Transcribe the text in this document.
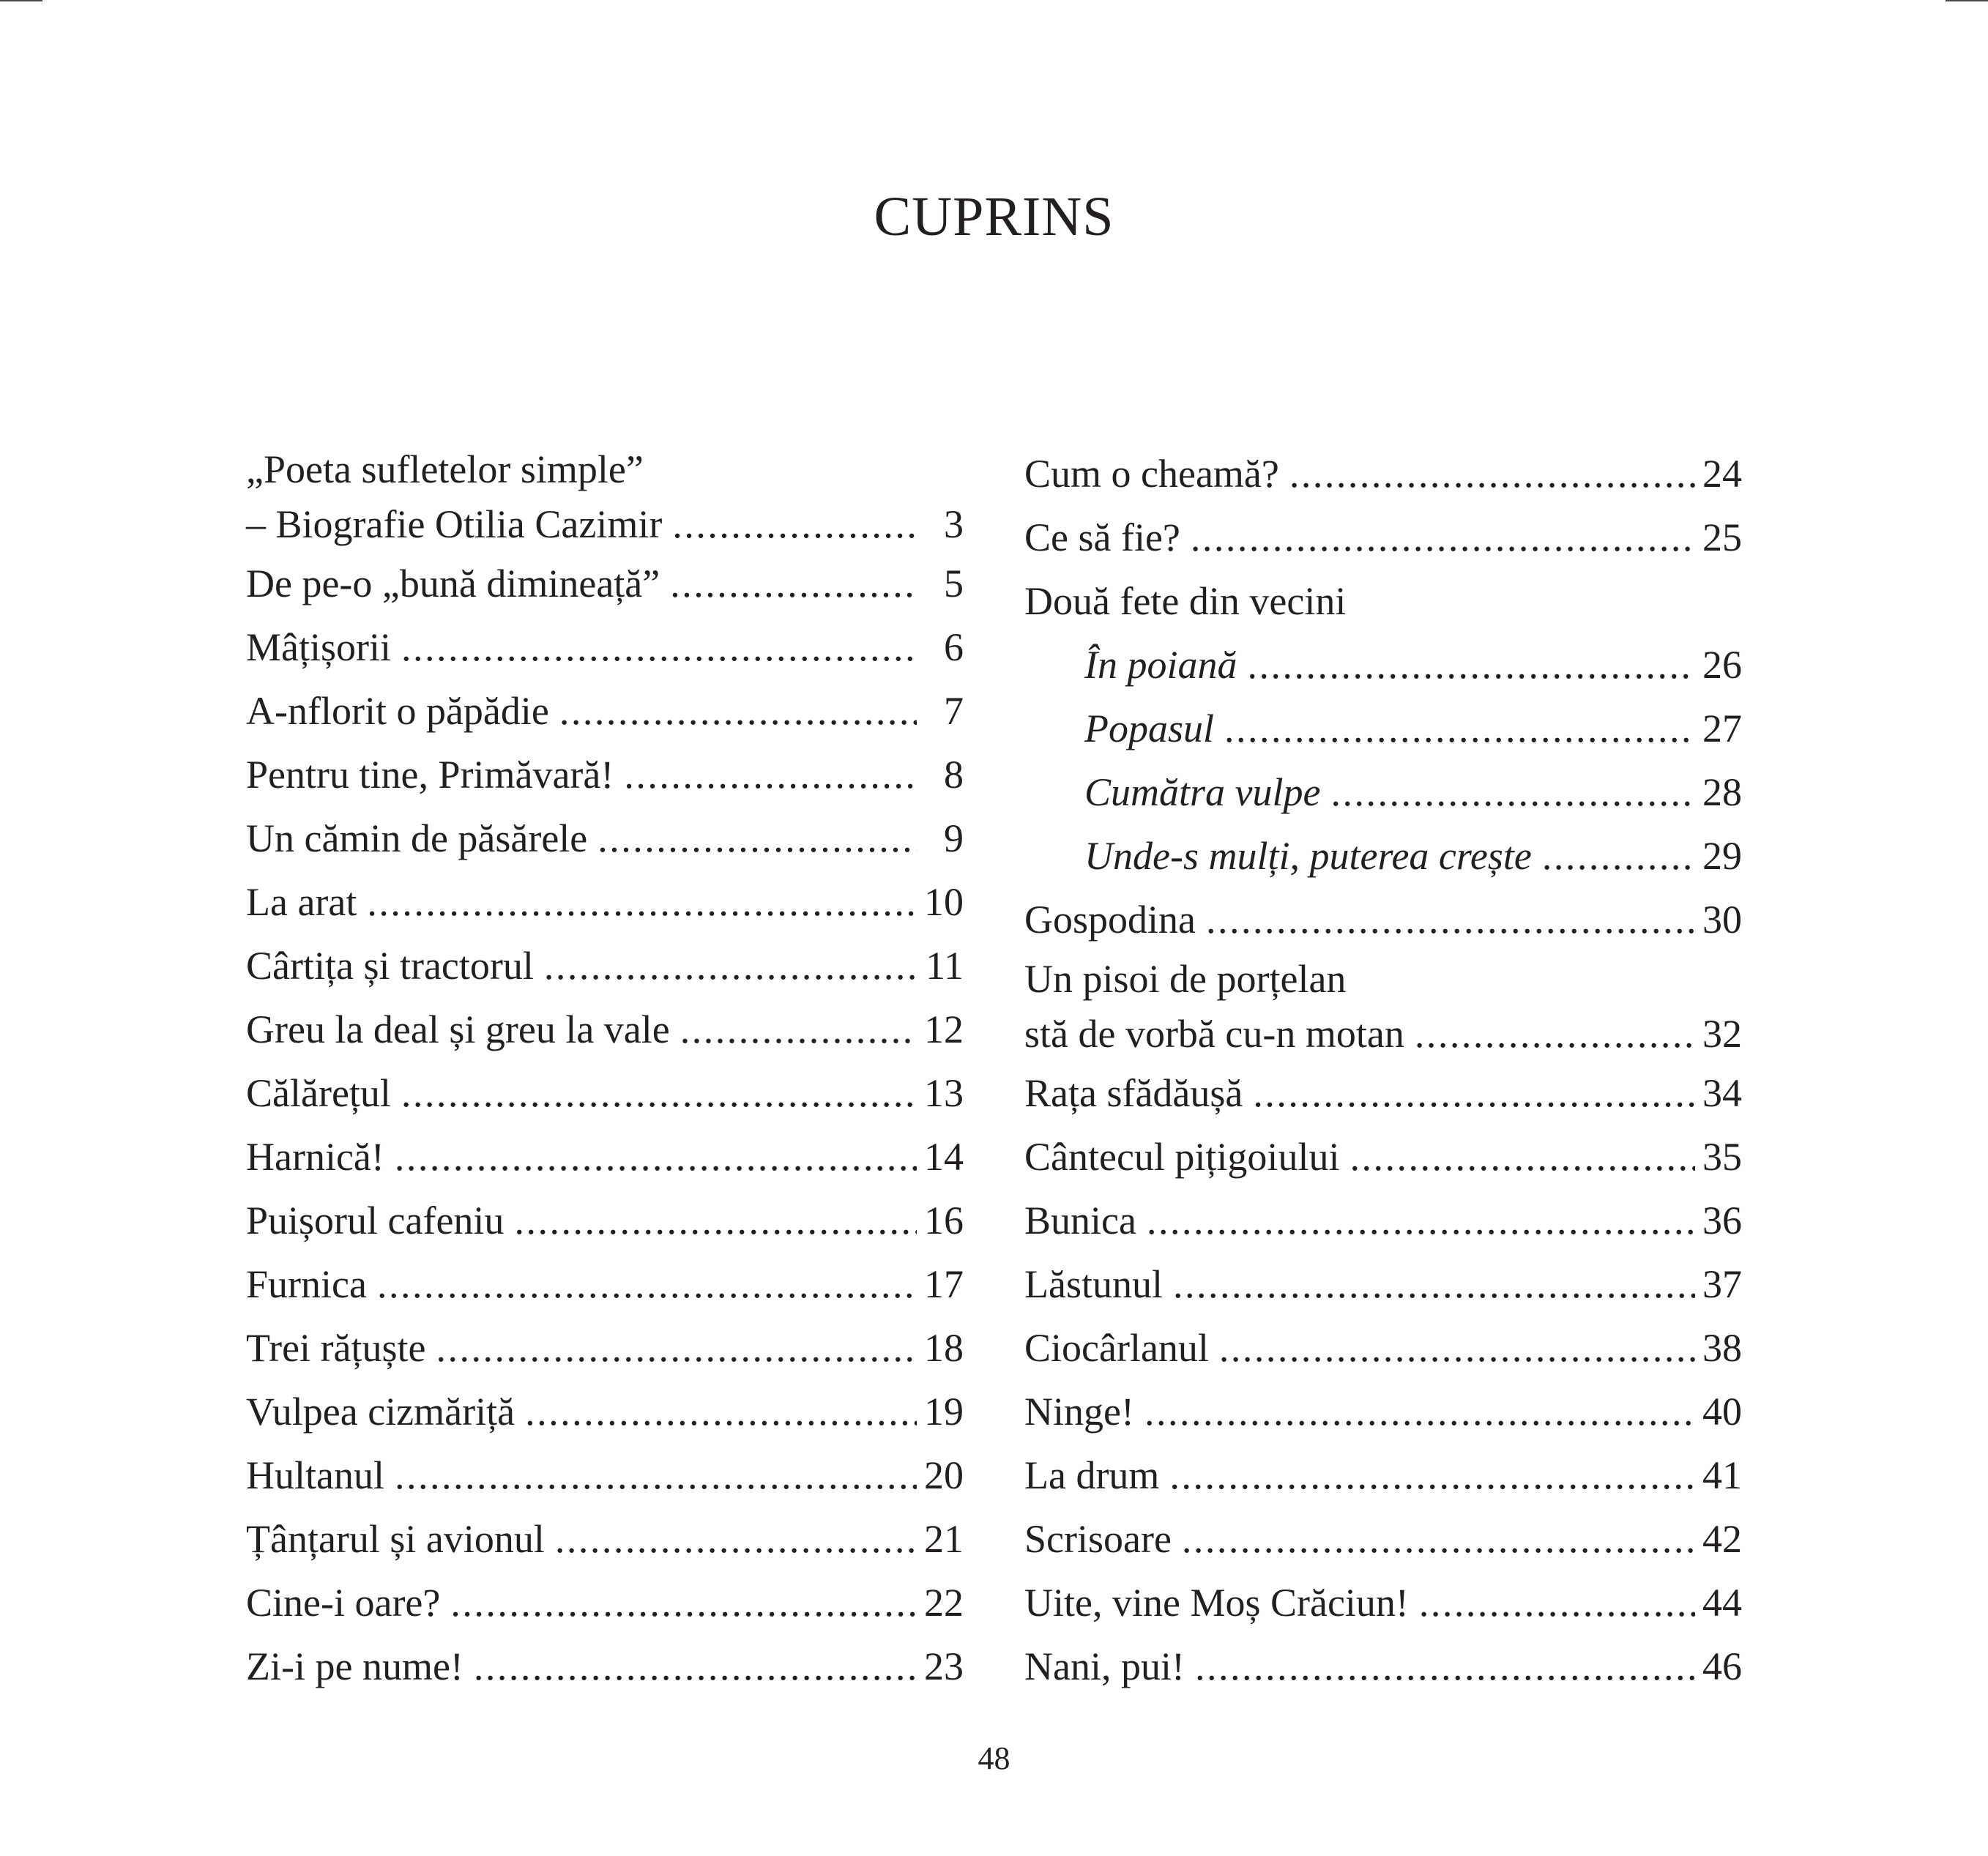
CUPRINS
„Poeta sufletelor simple”
– Biografie Otilia Cazimir .....	3
De pe-o „bună dimineață” .....	5
Mâțișorii .....	6
A-nflorit o păpădie .....	7
Pentru tine, Primăvară! .....	8
Un cămin de păsărele .....	9
La arat .....	10
Cârtița și tractorul .....	11
Greu la deal și greu la vale .....	12
Călărețul .....	13
Harnică! .....	14
Puișorul cafeniu .....	16
Furnica .....	17
Trei rățuște .....	18
Vulpea cizmăriță .....	19
Hultanul .....	20
Țânțarul și avionul .....	21
Cine-i oare? .....	22
Zi-i pe nume! .....	23
Cum o cheamă? .....	24
Ce să fie? .....	25
Două fete din vecini
În poiană .....	26
Popasul .....	27
Cumătra vulpe .....	28
Unde-s mulți, puterea crește .....	29
Gospodina .....	30
Un pisoi de porțelan
stă de vorbă cu-n motan .....	32
Rața sfădăușă .....	34
Cântecul pițigoiului .....	35
Bunica .....	36
Lăstunul .....	37
Ciocârlanul .....	38
Ninge! .....	40
La drum .....	41
Scrisoare .....	42
Uite, vine Moș Crăciun! .....	44
Nani, pui! .....	46
48
